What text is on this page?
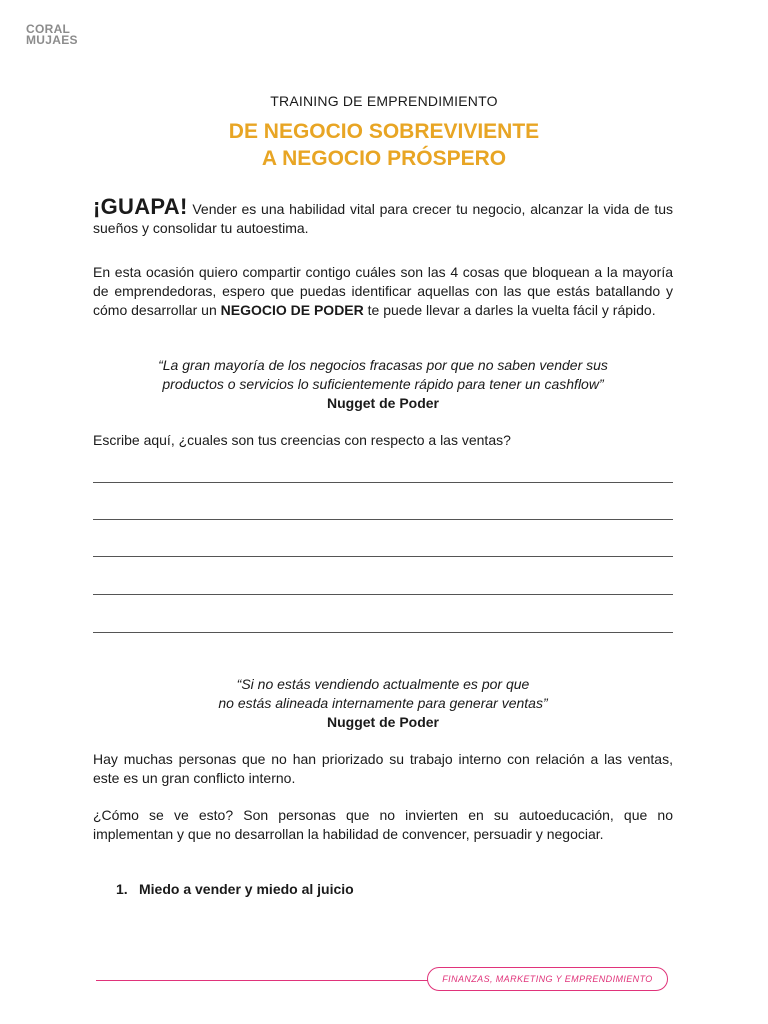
CORAL
MUJAES
TRAINING DE EMPRENDIMIENTO
DE NEGOCIO SOBREVIVIENTE
A NEGOCIO PRÓSPERO
¡GUAPA! Vender es una habilidad vital para crecer tu negocio, alcanzar la vida de tus sueños y consolidar tu autoestima.
En esta ocasión quiero compartir contigo cuáles son las 4 cosas que bloquean a la mayoría de emprendedoras, espero que puedas identificar aquellas con las que estás batallando y cómo desarrollar un NEGOCIO DE PODER te puede llevar a darles la vuelta fácil y rápido.
“La gran mayoría de los negocios fracasas por que no saben vender sus
productos o servicios lo suficientemente rápido para tener un cashflow”
Nugget de Poder
Escribe aquí, ¿cuales son tus creencias con respecto a las ventas?
“Si no estás vendiendo actualmente es por que
no estás alineada internamente para generar ventas”
Nugget de Poder
Hay muchas personas que no han priorizado su trabajo interno con relación a las ventas, este es un gran conflicto interno.
¿Cómo se ve esto? Son personas que no invierten en su autoeducación, que no implementan y que no desarrollan la habilidad de convencer, persuadir y negociar.
1. Miedo a vender y miedo al juicio
FINANZAS, MARKETING Y EMPRENDIMIENTO
